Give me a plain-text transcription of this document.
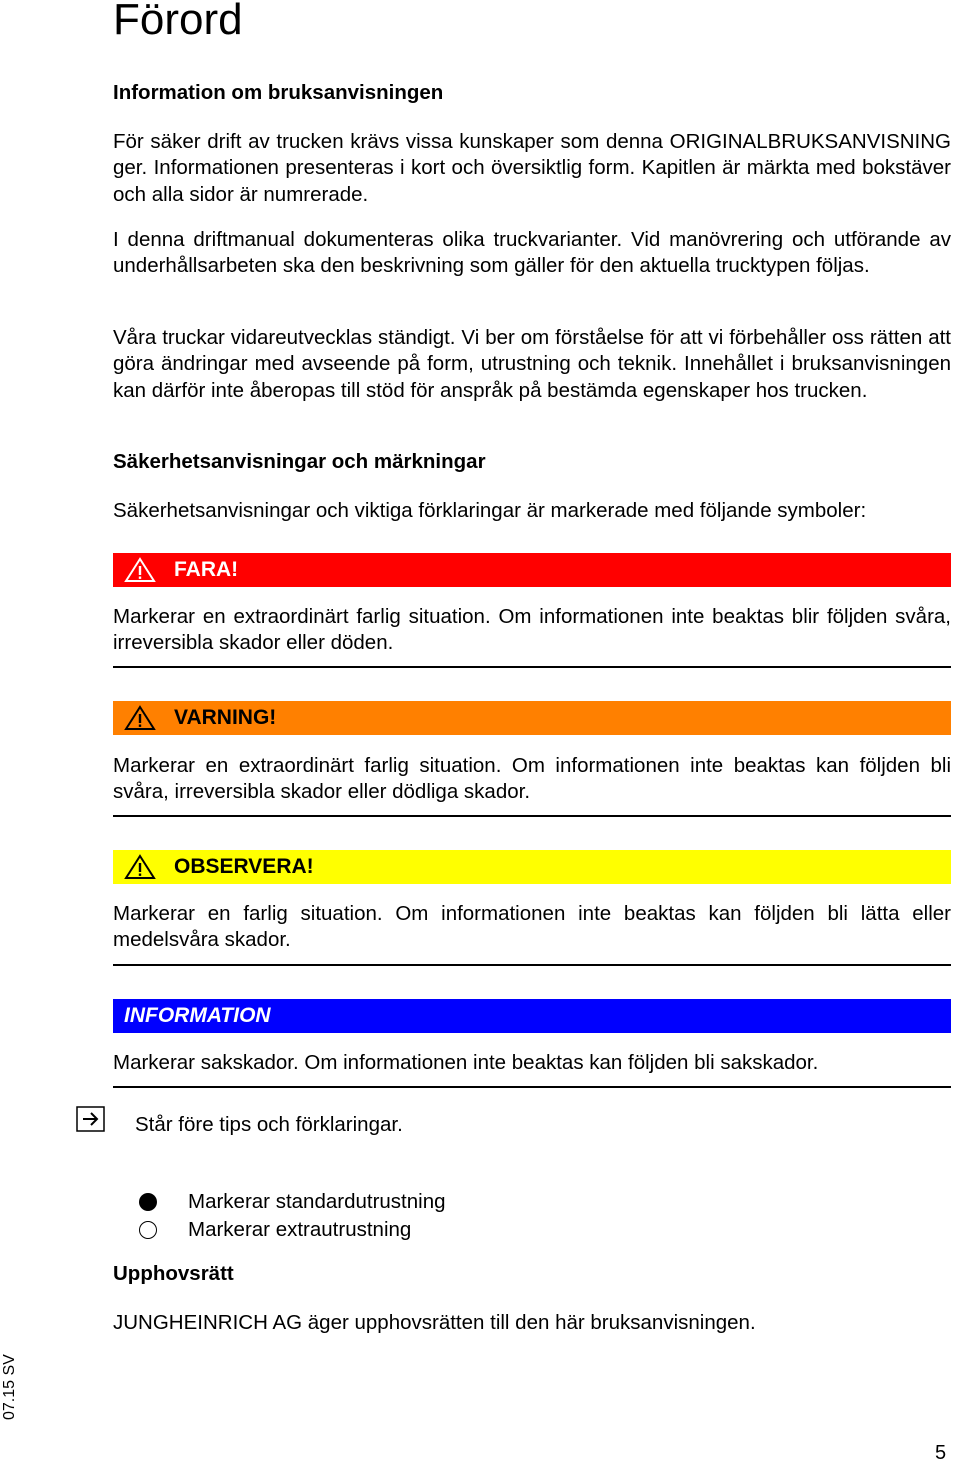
Förord
Information om bruksanvisningen
För säker drift av trucken krävs vissa kunskaper som denna ORIGINALBRUKSANVISNING ger. Informationen presenteras i kort och översiktlig form. Kapitlen är märkta med bokstäver och alla sidor är numrerade.
I denna driftmanual dokumenteras olika truckvarianter. Vid manövrering och utförande av underhållsarbeten ska den beskrivning som gäller för den aktuella trucktypen följas.
Våra truckar vidareutvecklas ständigt. Vi ber om förståelse för att vi förbehåller oss rätten att göra ändringar med avseende på form, utrustning och teknik. Innehållet i bruksanvisningen kan därför inte åberopas till stöd för anspråk på bestämda egenskaper hos trucken.
Säkerhetsanvisningar och märkningar
Säkerhetsanvisningar och viktiga förklaringar är markerade med följande symboler:
FARA!
Markerar en extraordinärt farlig situation. Om informationen inte beaktas blir följden svåra, irreversibla skador eller döden.
VARNING!
Markerar en extraordinärt farlig situation. Om informationen inte beaktas kan följden bli svåra, irreversibla skador eller dödliga skador.
OBSERVERA!
Markerar en farlig situation. Om informationen inte beaktas kan följden bli lätta eller medelsvåra skador.
INFORMATION
Markerar sakskador. Om informationen inte beaktas kan följden bli sakskador.
Står före tips och förklaringar.
Markerar standardutrustning
Markerar extrautrustning
Upphovsrätt
JUNGHEINRICH AG äger upphovsrätten till den här bruksanvisningen.
07.15 SV
5
